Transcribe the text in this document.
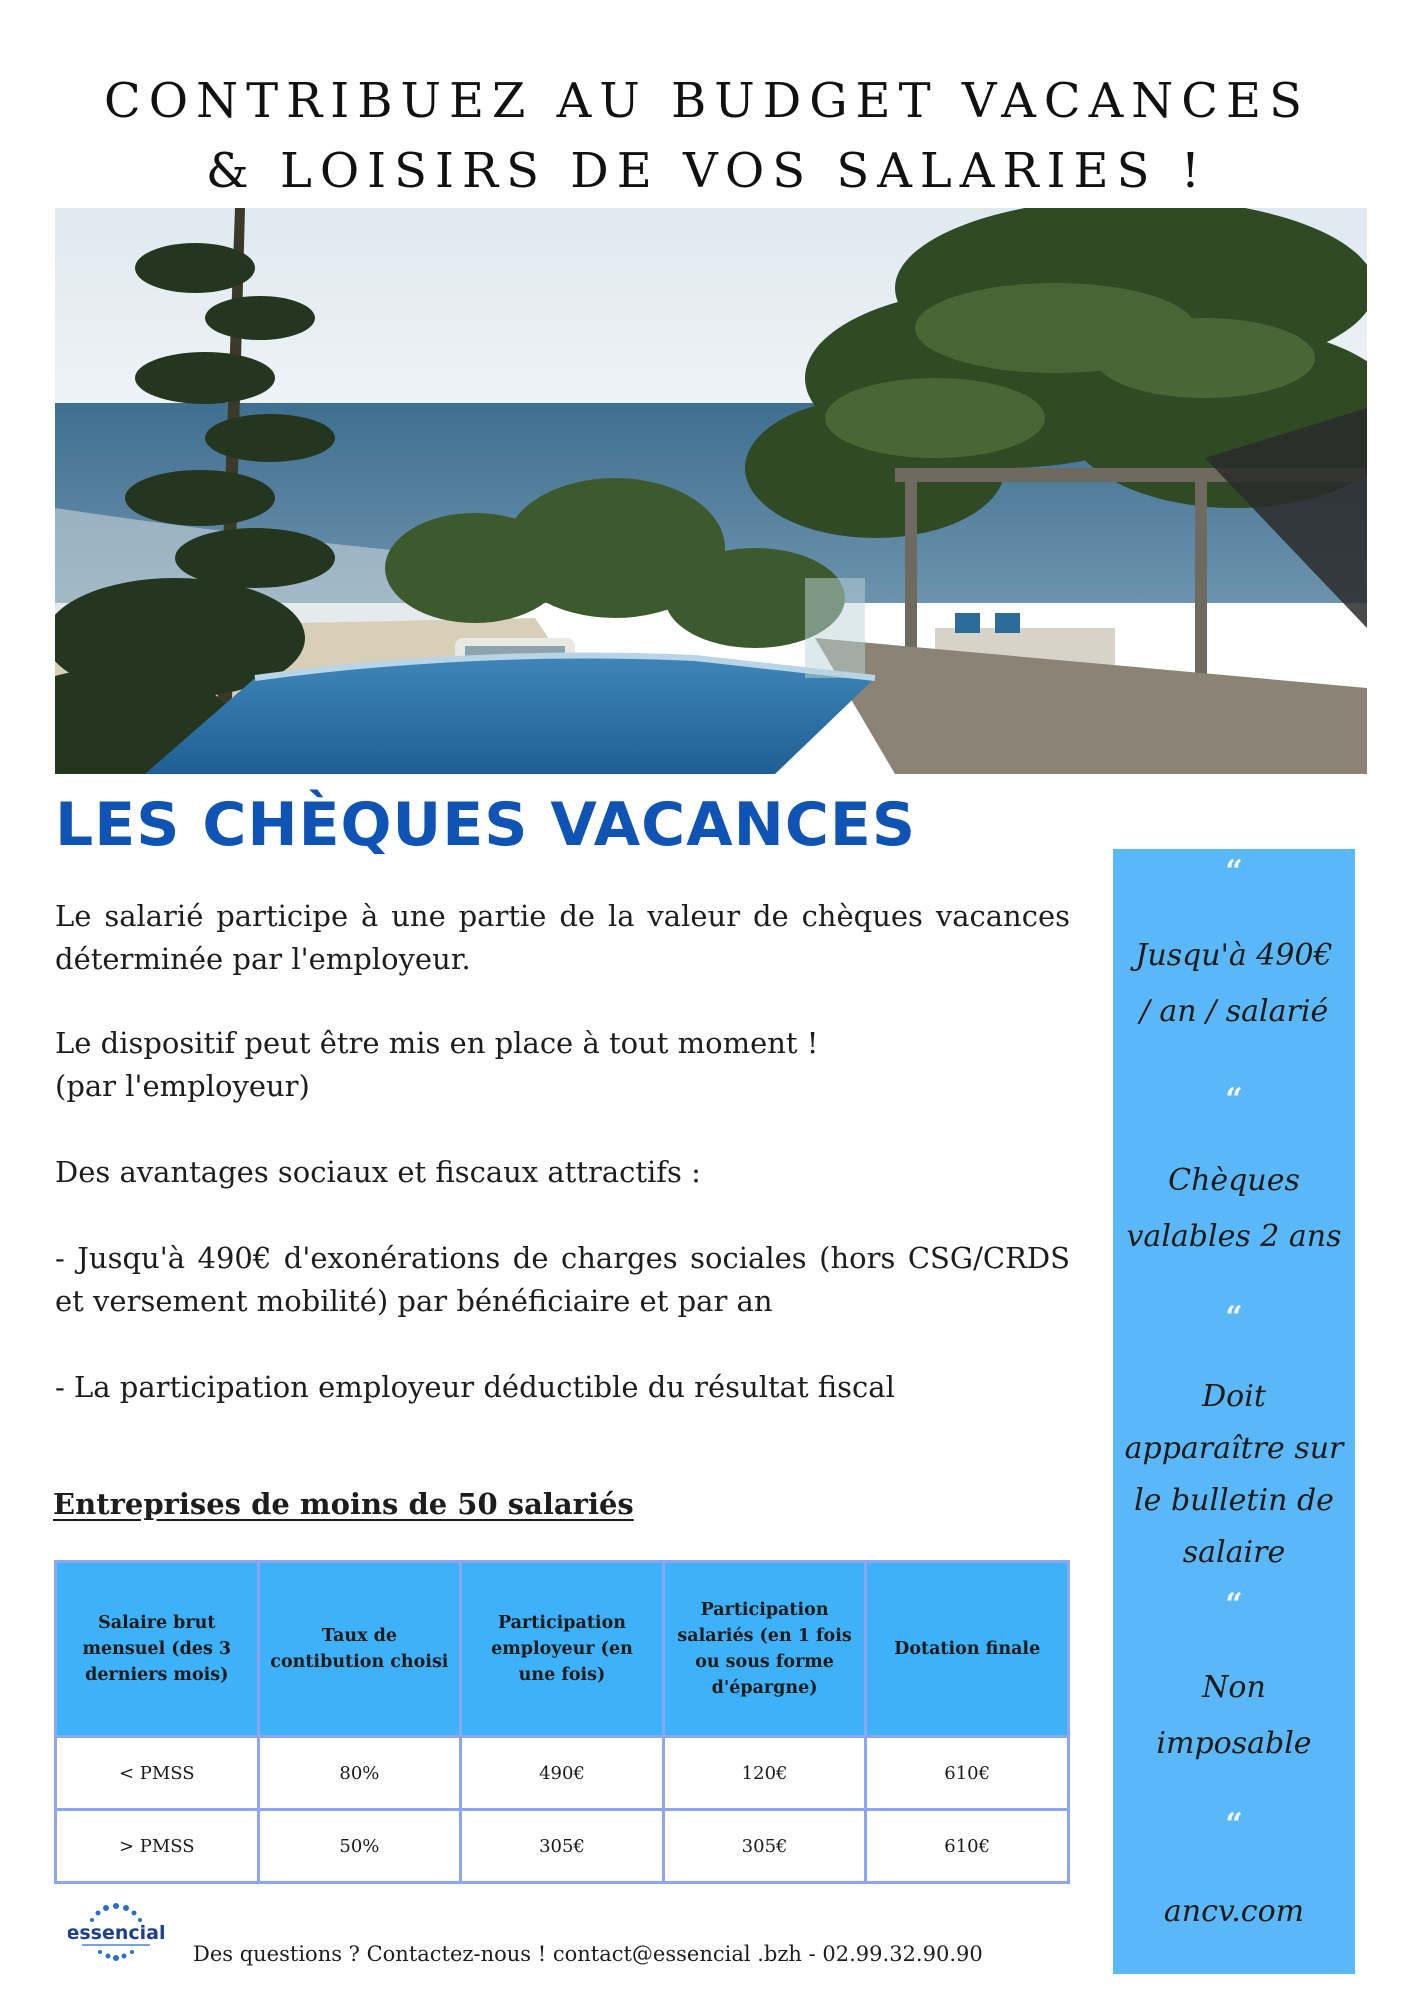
CONTRIBUEZ AU BUDGET VACANCES
& LOISIRS DE VOS SALARIES !
LES CHÈQUES VACANCES

Le salarié participe à une partie de la valeur de chèques vacances déterminée par l'employeur.

Le dispositif peut être mis en place à tout moment !

(par l'employeur)

Des avantages sociaux et fiscaux attractifs :

- Jusqu'à 490€ d'exonérations de charges sociales (hors CSG/CRDS et versement mobilité) par bénéficiaire et par an

- La participation employeur déductible du résultat fiscal

Entreprises de moins de 50 salariés
Salaire brut mensuel (des 3 derniers mois)	Taux de contibution choisi	Participation employeur (en une fois)	Participation salariés (en 1 fois ou sous forme d'épargne)	Dotation finale
< PMSS	80%	490€	120€	610€
> PMSS	50%	305€	305€	610€
“
Jusqu'à 490€
/ an / salarié
“
Chèques
valables 2 ans
“
Doit
apparaître sur
le bulletin de
salaire
“
Non
imposable
“
ancv.com
essencial
Des questions ? Contactez-nous ! contact@essencial .bzh - 02.99.32.90.90
